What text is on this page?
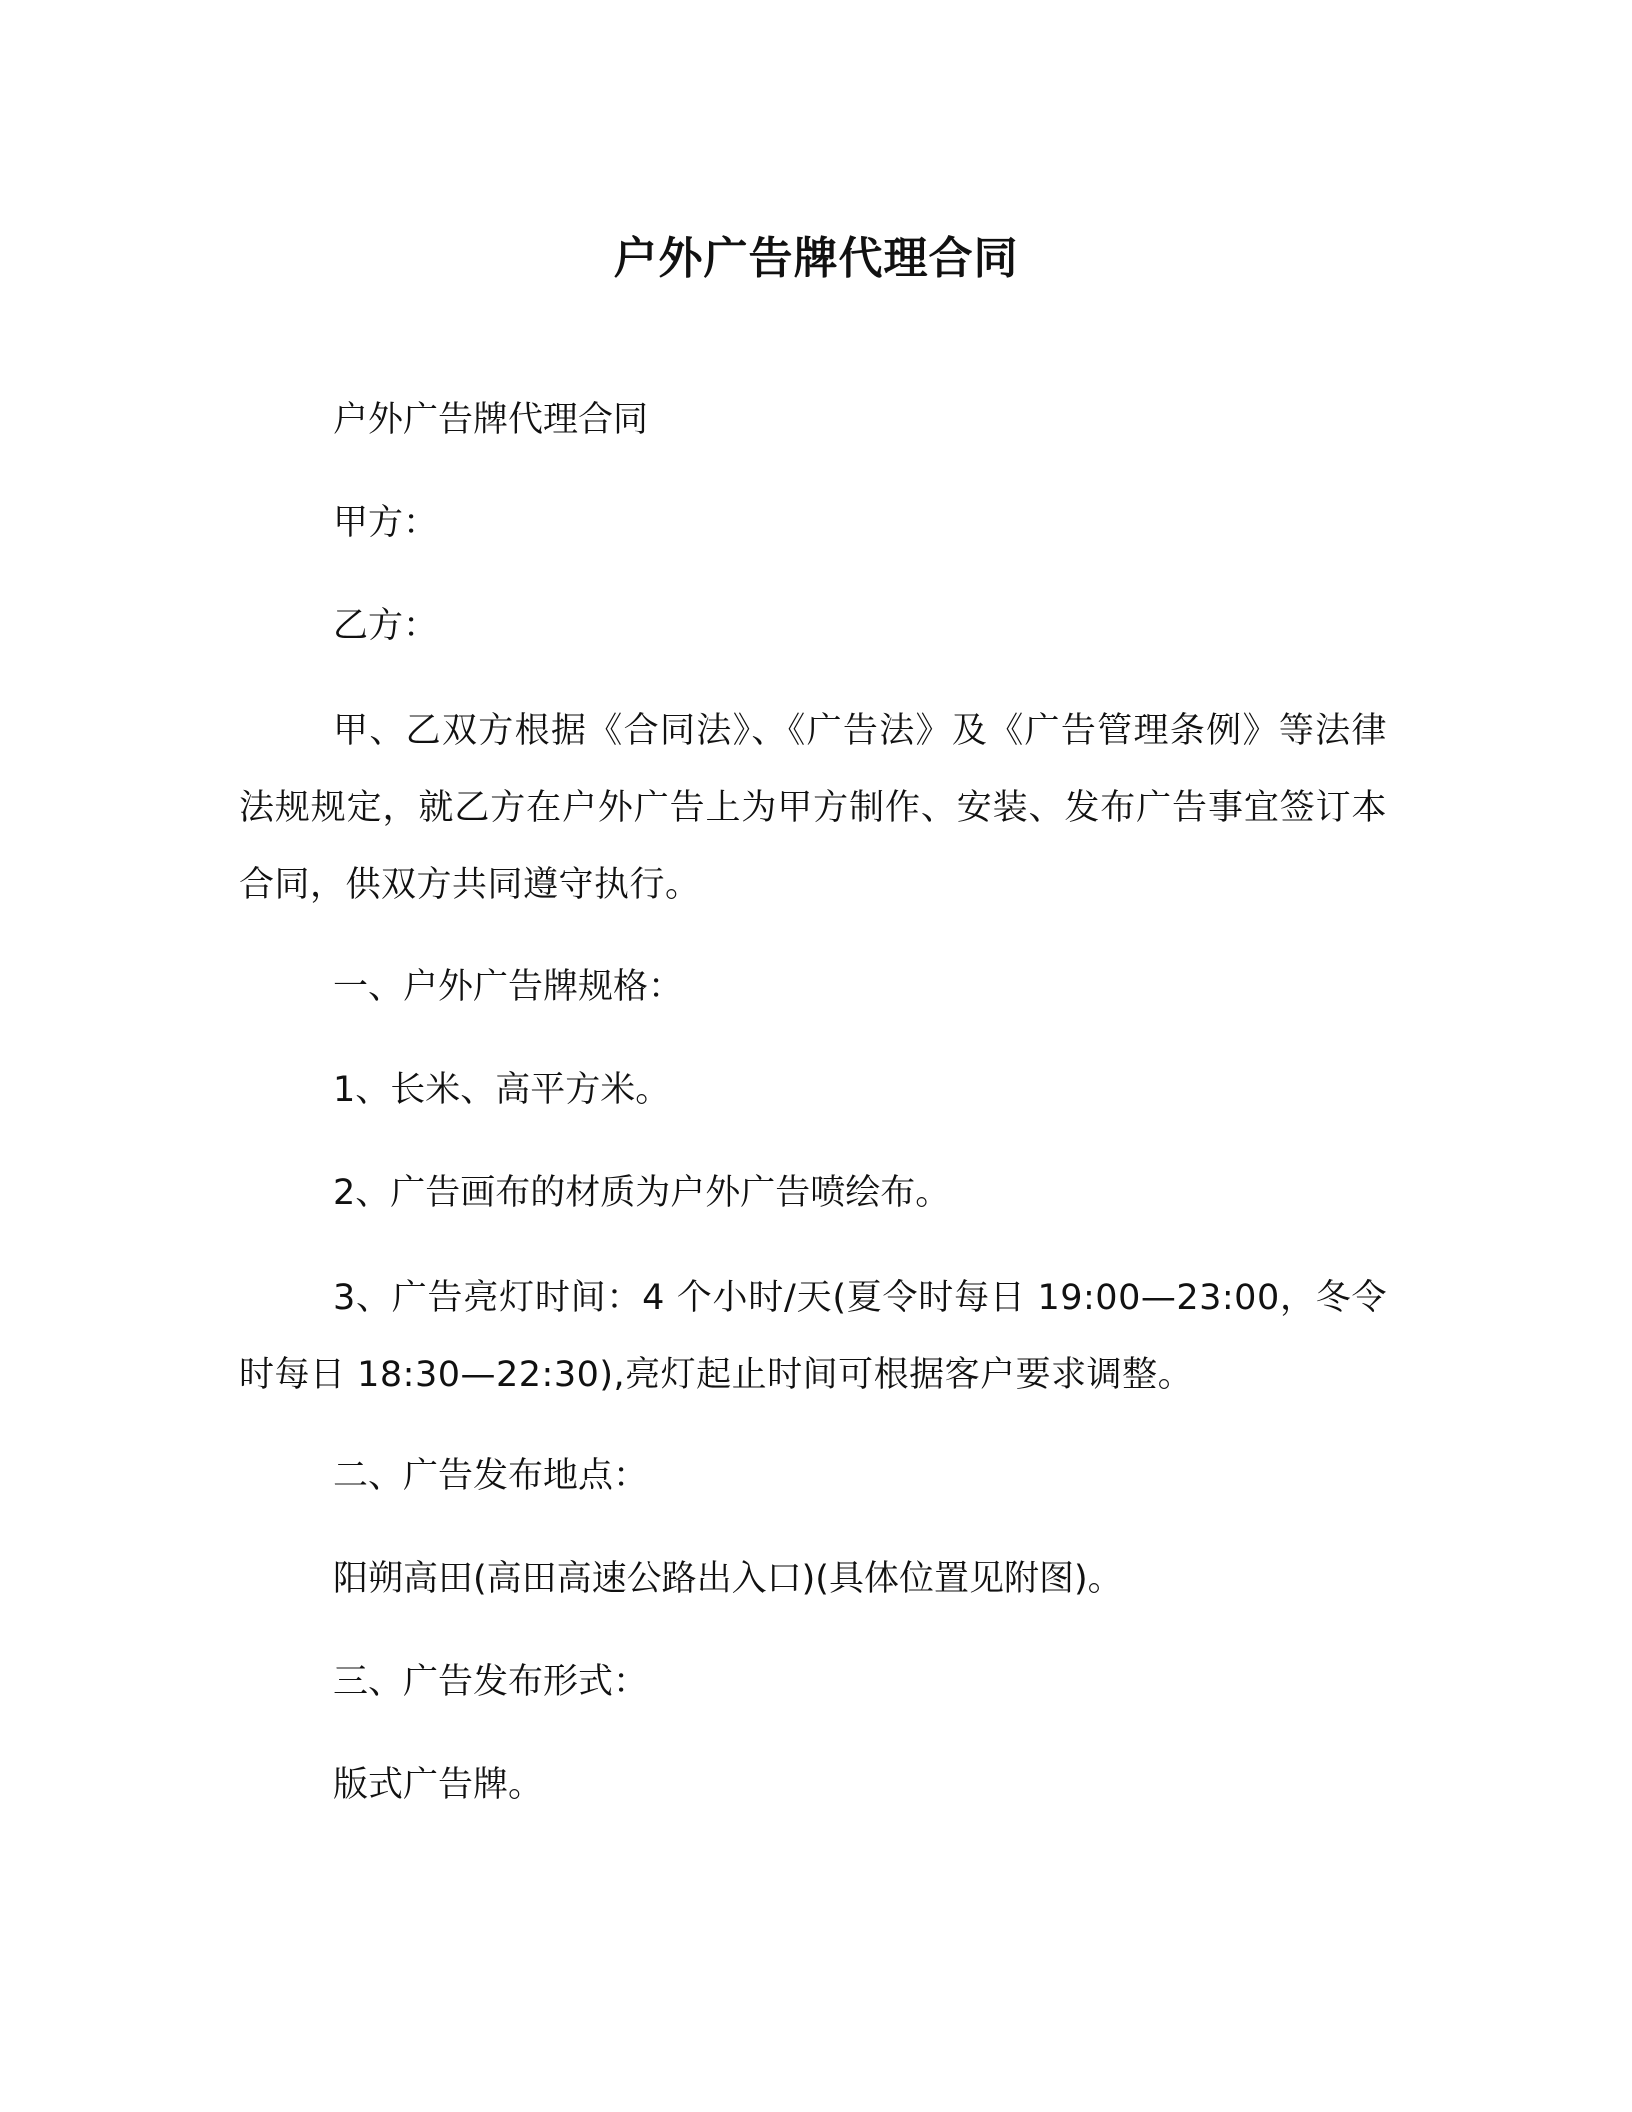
户外广告牌代理合同
户外广告牌代理合同
甲方：
乙方：
甲、乙双方根据《合同法》、《广告法》及《广告管理条例》等法律法规规定，就乙方在户外广告上为甲方制作、安装、发布广告事宜签订本合同，供双方共同遵守执行。
一、户外广告牌规格：
1、长米、高平方米。
2、广告画布的材质为户外广告喷绘布。
3、广告亮灯时间：4 个小时/天(夏令时每日 19:00—23:00，冬令时每日 18:30—22:30),亮灯起止时间可根据客户要求调整。
二、广告发布地点：
阳朔高田(高田高速公路出入口)(具体位置见附图)。
三、广告发布形式：
版式广告牌。
